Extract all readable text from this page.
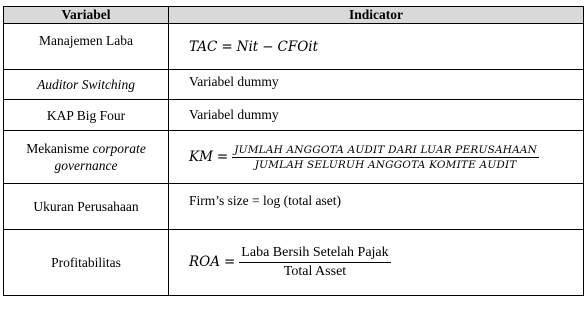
Variabel	Indicator
Manajemen Laba	TAC = Nit − CFOit
Auditor Switching	Variabel dummy
KAP Big Four	Variabel dummy
Mekanisme corporate governance	KM = $\frac{\text{JUMLAH ANGGOTA AUDIT DARI LUAR PERUSAHAAN}}{\text{JUMLAH SELURUH ANGGOTA KOMITE AUDIT}}$

Ukuran Perusahaan	Firm’s size = log (total aset)
Profitabilitas	ROA = $\frac{\text{Laba Bersih Setelah Pajak}}{\text{Total Asset}}$
